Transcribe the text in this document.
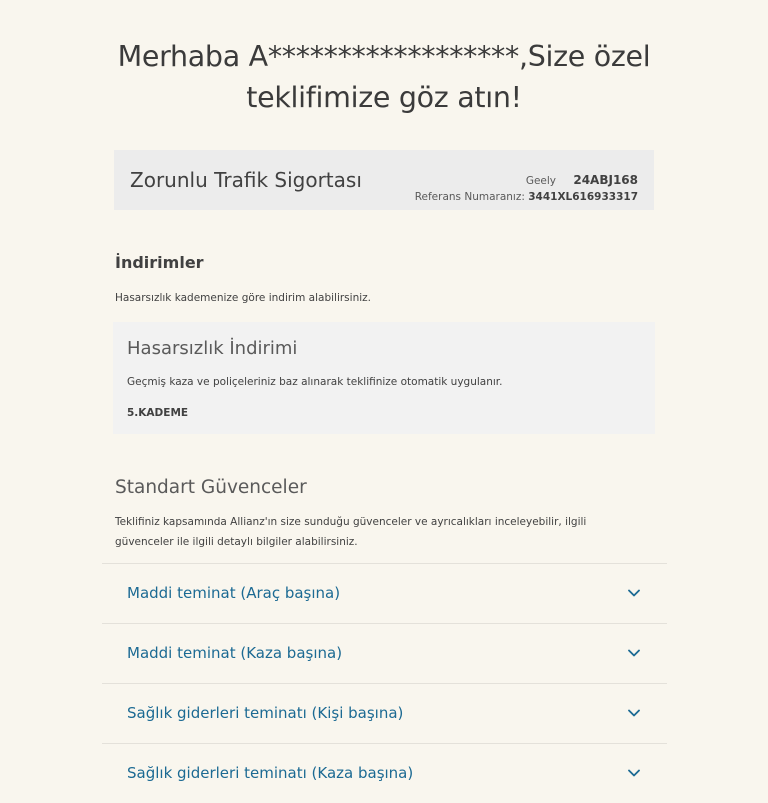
Merhaba A******************,Size özel
teklifimize göz atın!
Zorunlu Trafik Sigortası	Geely 24ABJ168
Referans Numaranız: 3441XL616933317
İndirimler
Hasarsızlık kademenize göre indirim alabilirsiniz.
Hasarsızlık İndirimi
Geçmiş kaza ve poliçeleriniz baz alınarak teklifinize otomatik uygulanır.
5.KADEME
Standart Güvenceler
Teklifiniz kapsamında Allianz'ın size sunduğu güvenceler ve ayrıcalıkları inceleyebilir, ilgili güvenceler ile ilgili detaylı bilgiler alabilirsiniz.
Maddi teminat (Araç başına)
Maddi teminat (Kaza başına)
Sağlık giderleri teminatı (Kişi başına)
Sağlık giderleri teminatı (Kaza başına)
